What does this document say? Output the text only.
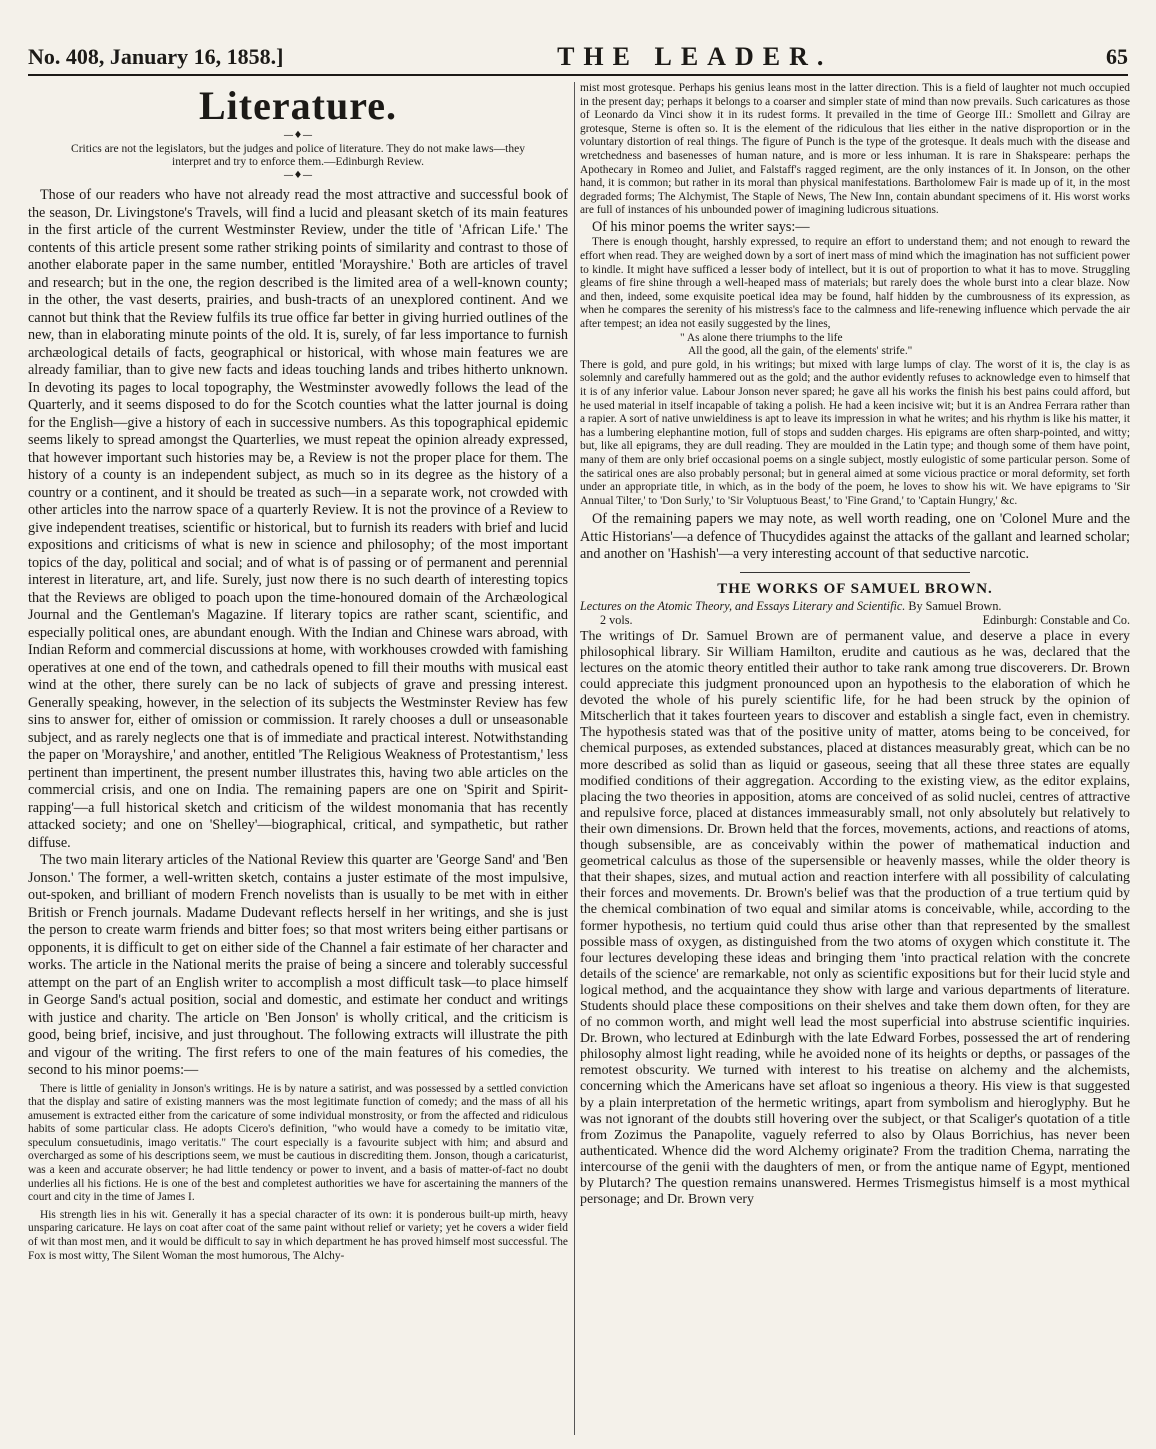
No. 408, January 16, 1858.]	THE LEADER.	65
Literature.

—♦—

Critics are not the legislators, but the judges and police of literature. They do not make laws—they interpret and try to enforce them.—Edinburgh Review.

—♦—

Those of our readers who have not already read the most attractive and successful book of the season, Dr. Livingstone's Travels, will find a lucid and pleasant sketch of its main features in the first article of the current Westminster Review, under the title of 'African Life.' The contents of this article present some rather striking points of similarity and contrast to those of another elaborate paper in the same number, entitled 'Morayshire.' Both are articles of travel and research; but in the one, the region described is the limited area of a well-known county; in the other, the vast deserts, prairies, and bush-tracts of an unexplored continent. And we cannot but think that the Review fulfils its true office far better in giving hurried outlines of the new, than in elaborating minute points of the old. It is, surely, of far less importance to furnish archæological details of facts, geographical or historical, with whose main features we are already familiar, than to give new facts and ideas touching lands and tribes hitherto unknown. In devoting its pages to local topography, the Westminster avowedly follows the lead of the Quarterly, and it seems disposed to do for the Scotch counties what the latter journal is doing for the English—give a history of each in successive numbers. As this topographical epidemic seems likely to spread amongst the Quarterlies, we must repeat the opinion already expressed, that however important such histories may be, a Review is not the proper place for them. The history of a county is an independent subject, as much so in its degree as the history of a country or a continent, and it should be treated as such—in a separate work, not crowded with other articles into the narrow space of a quarterly Review. It is not the province of a Review to give independent treatises, scientific or historical, but to furnish its readers with brief and lucid expositions and criticisms of what is new in science and philosophy; of the most important topics of the day, political and social; and of what is of passing or of permanent and perennial interest in literature, art, and life. Surely, just now there is no such dearth of interesting topics that the Reviews are obliged to poach upon the time-honoured domain of the Archæological Journal and the Gentleman's Magazine. If literary topics are rather scant, scientific, and especially political ones, are abundant enough. With the Indian and Chinese wars abroad, with Indian Reform and commercial discussions at home, with workhouses crowded with famishing operatives at one end of the town, and cathedrals opened to fill their mouths with musical east wind at the other, there surely can be no lack of subjects of grave and pressing interest. Generally speaking, however, in the selection of its subjects the Westminster Review has few sins to answer for, either of omission or commission. It rarely chooses a dull or unseasonable subject, and as rarely neglects one that is of immediate and practical interest. Notwithstanding the paper on 'Morayshire,' and another, entitled 'The Religious Weakness of Protestantism,' less pertinent than impertinent, the present number illustrates this, having two able articles on the commercial crisis, and one on India. The remaining papers are one on 'Spirit and Spirit-rapping'—a full historical sketch and criticism of the wildest monomania that has recently attacked society; and one on 'Shelley'—biographical, critical, and sympathetic, but rather diffuse.

The two main literary articles of the National Review this quarter are 'George Sand' and 'Ben Jonson.' The former, a well-written sketch, contains a juster estimate of the most impulsive, out-spoken, and brilliant of modern French novelists than is usually to be met with in either British or French journals. Madame Dudevant reflects herself in her writings, and she is just the person to create warm friends and bitter foes; so that most writers being either partisans or opponents, it is difficult to get on either side of the Channel a fair estimate of her character and works. The article in the National merits the praise of being a sincere and tolerably successful attempt on the part of an English writer to accomplish a most difficult task—to place himself in George Sand's actual position, social and domestic, and estimate her conduct and writings with justice and charity. The article on 'Ben Jonson' is wholly critical, and the criticism is good, being brief, incisive, and just throughout. The following extracts will illustrate the pith and vigour of the writing. The first refers to one of the main features of his comedies, the second to his minor poems:—

There is little of geniality in Jonson's writings. He is by nature a satirist, and was possessed by a settled conviction that the display and satire of existing manners was the most legitimate function of comedy; and the mass of all his amusement is extracted either from the caricature of some individual monstrosity, or from the affected and ridiculous habits of some particular class. He adopts Cicero's definition, "who would have a comedy to be imitatio vitæ, speculum consuetudinis, imago veritatis." The court especially is a favourite subject with him; and absurd and overcharged as some of his descriptions seem, we must be cautious in discrediting them. Jonson, though a caricaturist, was a keen and accurate observer; he had little tendency or power to invent, and a basis of matter-of-fact no doubt underlies all his fictions. He is one of the best and completest authorities we have for ascertaining the manners of the court and city in the time of James I.

His strength lies in his wit. Generally it has a special character of its own: it is ponderous built-up mirth, heavy unsparing caricature. He lays on coat after coat of the same paint without relief or variety; yet he covers a wider field of wit than most men, and it would be difficult to say in which department he has proved himself most successful. The Fox is most witty, The Silent Woman the most humorous, The Alchy-

mist most grotesque. Perhaps his genius leans most in the latter direction. This is a field of laughter not much occupied in the present day; perhaps it belongs to a coarser and simpler state of mind than now prevails. Such caricatures as those of Leonardo da Vinci show it in its rudest forms. It prevailed in the time of George III.: Smollett and Gilray are grotesque, Sterne is often so. It is the element of the ridiculous that lies either in the native disproportion or in the voluntary distortion of real things. The figure of Punch is the type of the grotesque. It deals much with the disease and wretchedness and basenesses of human nature, and is more or less inhuman. It is rare in Shakspeare: perhaps the Apothecary in Romeo and Juliet, and Falstaff's ragged regiment, are the only instances of it. In Jonson, on the other hand, it is common; but rather in its moral than physical manifestations. Bartholomew Fair is made up of it, in the most degraded forms; The Alchymist, The Staple of News, The New Inn, contain abundant specimens of it. His worst works are full of instances of his unbounded power of imagining ludicrous situations.

Of his minor poems the writer says:—

There is enough thought, harshly expressed, to require an effort to understand them; and not enough to reward the effort when read. They are weighed down by a sort of inert mass of mind which the imagination has not sufficient power to kindle. It might have sufficed a lesser body of intellect, but it is out of proportion to what it has to move. Struggling gleams of fire shine through a well-heaped mass of materials; but rarely does the whole burst into a clear blaze. Now and then, indeed, some exquisite poetical idea may be found, half hidden by the cumbrousness of its expression, as when he compares the serenity of his mistress's face to the calmness and life-renewing influence which pervade the air after tempest; an idea not easily suggested by the lines,

" As alone there triumphs to the life

All the good, all the gain, of the elements' strife."

There is gold, and pure gold, in his writings; but mixed with large lumps of clay. The worst of it is, the clay is as solemnly and carefully hammered out as the gold; and the author evidently refuses to acknowledge even to himself that it is of any inferior value. Labour Jonson never spared; he gave all his works the finish his best pains could afford, but he used material in itself incapable of taking a polish. He had a keen incisive wit; but it is an Andrea Ferrara rather than a rapier. A sort of native unwieldiness is apt to leave its impression in what he writes; and his rhythm is like his matter, it has a lumbering elephantine motion, full of stops and sudden charges. His epigrams are often sharp-pointed, and witty; but, like all epigrams, they are dull reading. They are moulded in the Latin type; and though some of them have point, many of them are only brief occasional poems on a single subject, mostly eulogistic of some particular person. Some of the satirical ones are also probably personal; but in general aimed at some vicious practice or moral deformity, set forth under an appropriate title, in which, as in the body of the poem, he loves to show his wit. We have epigrams to 'Sir Annual Tilter,' to 'Don Surly,' to 'Sir Voluptuous Beast,' to 'Fine Grand,' to 'Captain Hungry,' &c.

Of the remaining papers we may note, as well worth reading, one on 'Colonel Mure and the Attic Historians'—a defence of Thucydides against the attacks of the gallant and learned scholar; and another on 'Hashish'—a very interesting account of that seductive narcotic.

THE WORKS OF SAMUEL BROWN.

Lectures on the Atomic Theory, and Essays Literary and Scientific. By Samuel Brown.

2 vols.	Edinburgh: Constable and Co.

The writings of Dr. Samuel Brown are of permanent value, and deserve a place in every philosophical library. Sir William Hamilton, erudite and cautious as he was, declared that the lectures on the atomic theory entitled their author to take rank among true discoverers. Dr. Brown could appreciate this judgment pronounced upon an hypothesis to the elaboration of which he devoted the whole of his purely scientific life, for he had been struck by the opinion of Mitscherlich that it takes fourteen years to discover and establish a single fact, even in chemistry. The hypothesis stated was that of the positive unity of matter, atoms being to be conceived, for chemical purposes, as extended substances, placed at distances measurably great, which can be no more described as solid than as liquid or gaseous, seeing that all these three states are equally modified conditions of their aggregation. According to the existing view, as the editor explains, placing the two theories in apposition, atoms are conceived of as solid nuclei, centres of attractive and repulsive force, placed at distances immeasurably small, not only absolutely but relatively to their own dimensions. Dr. Brown held that the forces, movements, actions, and reactions of atoms, though subsensible, are as conceivably within the power of mathematical induction and geometrical calculus as those of the supersensible or heavenly masses, while the older theory is that their shapes, sizes, and mutual action and reaction interfere with all possibility of calculating their forces and movements. Dr. Brown's belief was that the production of a true tertium quid by the chemical combination of two equal and similar atoms is conceivable, while, according to the former hypothesis, no tertium quid could thus arise other than that represented by the smallest possible mass of oxygen, as distinguished from the two atoms of oxygen which constitute it. The four lectures developing these ideas and bringing them 'into practical relation with the concrete details of the science' are remarkable, not only as scientific expositions but for their lucid style and logical method, and the acquaintance they show with large and various departments of literature. Students should place these compositions on their shelves and take them down often, for they are of no common worth, and might well lead the most superficial into abstruse scientific inquiries. Dr. Brown, who lectured at Edinburgh with the late Edward Forbes, possessed the art of rendering philosophy almost light reading, while he avoided none of its heights or depths, or passages of the remotest obscurity. We turned with interest to his treatise on alchemy and the alchemists, concerning which the Americans have set afloat so ingenious a theory. His view is that suggested by a plain interpretation of the hermetic writings, apart from symbolism and hieroglyphy. But he was not ignorant of the doubts still hovering over the subject, or that Scaliger's quotation of a title from Zozimus the Panapolite, vaguely referred to also by Olaus Borrichius, has never been authenticated. Whence did the word Alchemy originate? From the tradition Chema, narrating the intercourse of the genii with the daughters of men, or from the antique name of Egypt, mentioned by Plutarch? The question remains unanswered. Hermes Trismegistus himself is a most mythical personage; and Dr. Brown very
